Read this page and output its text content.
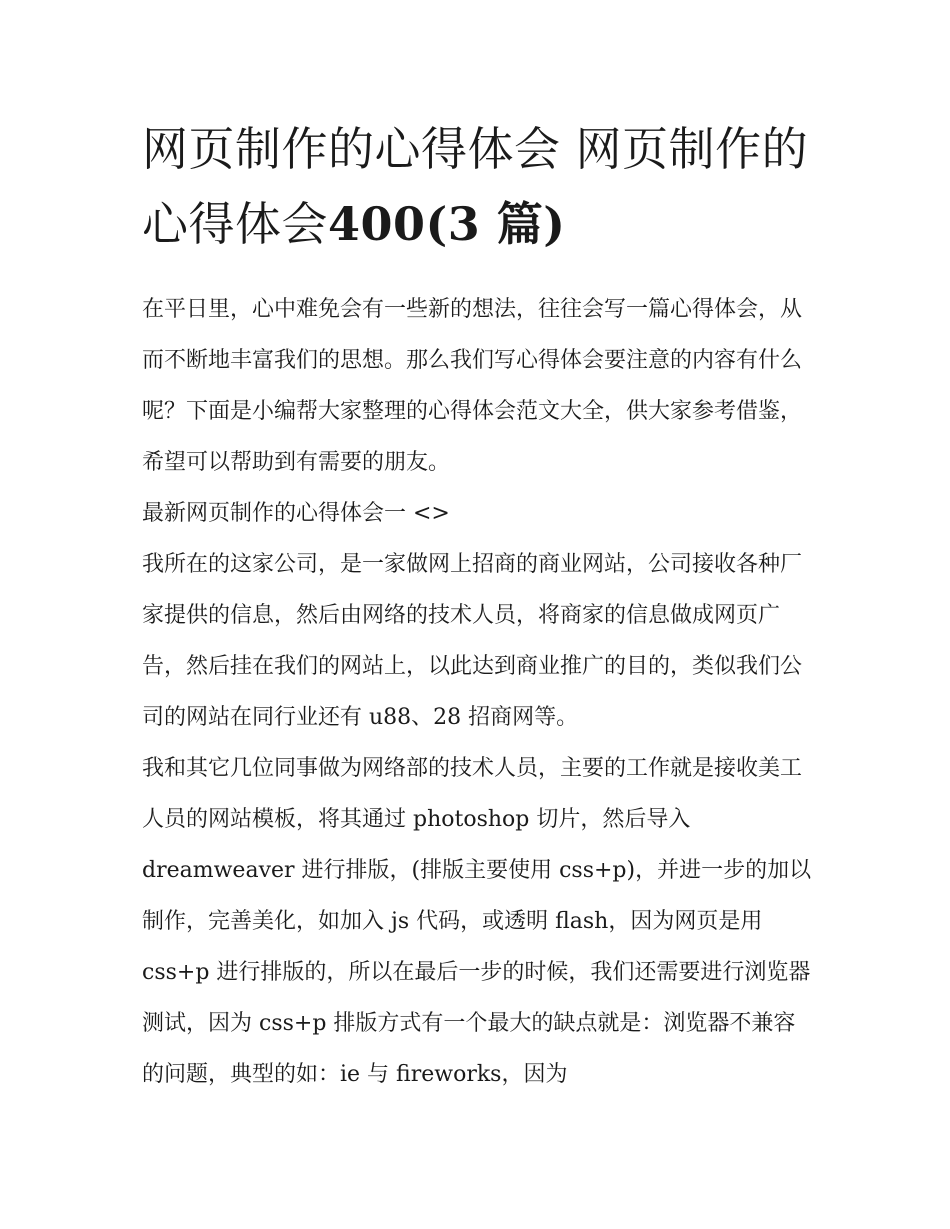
网页制作的心得体会 网页制作的心得体会400(3 篇)

在平日里，心中难免会有一些新的想法，往往会写一篇心得体会，从而不断地丰富我们的思想。那么我们写心得体会要注意的内容有什么呢？下面是小编帮大家整理的心得体会范文大全，供大家参考借鉴，希望可以帮助到有需要的朋友。

最新网页制作的心得体会一 <>

我所在的这家公司，是一家做网上招商的商业网站，公司接收各种厂家提供的信息，然后由网络的技术人员，将商家的信息做成网页广告，然后挂在我们的网站上，以此达到商业推广的目的，类似我们公司的网站在同行业还有 u88、28 招商网等。

我和其它几位同事做为网络部的技术人员，主要的工作就是接收美工人员的网站模板，将其通过 photoshop 切片，然后导入 dreamweaver 进行排版，(排版主要使用 css+p)，并进一步的加以制作，完善美化，如加入 js 代码，或透明 flash，因为网页是用 css+p 进行排版的，所以在最后一步的时候，我们还需要进行浏览器测试，因为 css+p 排版方式有一个最大的缺点就是：浏览器不兼容的问题，典型的如：ie 与 fireworks，因为
